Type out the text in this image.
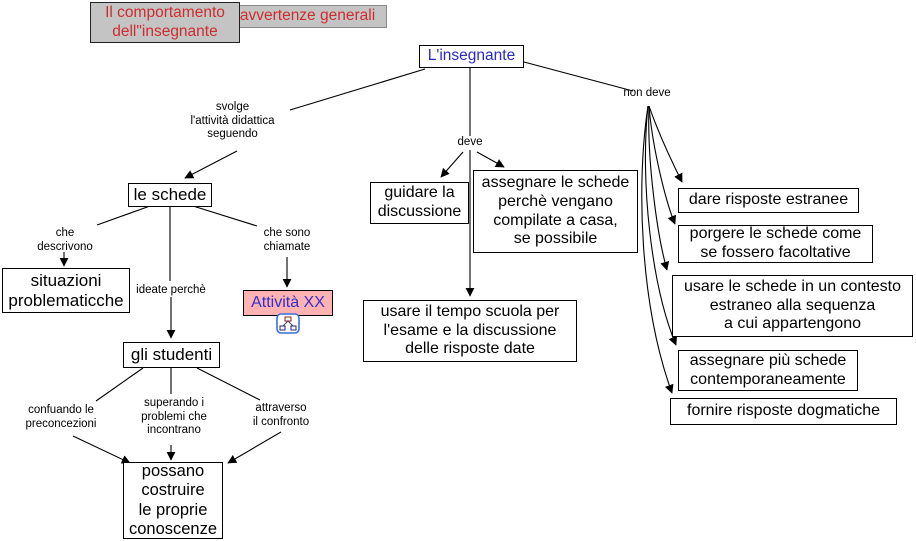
Il comportamento
dell"insegnante
avvertenze generali
L'insegnante
le schede
situazioni
problematicche	Attività XX
gli studenti
possano
costruire
le proprie
conoscenze
guidare la
discussione
assegnare le schede
perchè vengano
compilate a casa,
se possibile
usare il tempo scuola per
l'esame e la discussione
delle risposte date
dare risposte estranee
porgere le schede come
se fossero facoltative
usare le schede in un contesto
estraneo alla sequenza
a cui appartengono
assegnare più schede
contemporaneamente
fornire risposte dogmatiche
svolge
l'attività didattica
seguendo
che
descrivono
ideate perchè
che sono
chiamate
deve
non deve
confuando le
preconcezioni
superando i
problemi che
incontrano
attraverso
il confronto
